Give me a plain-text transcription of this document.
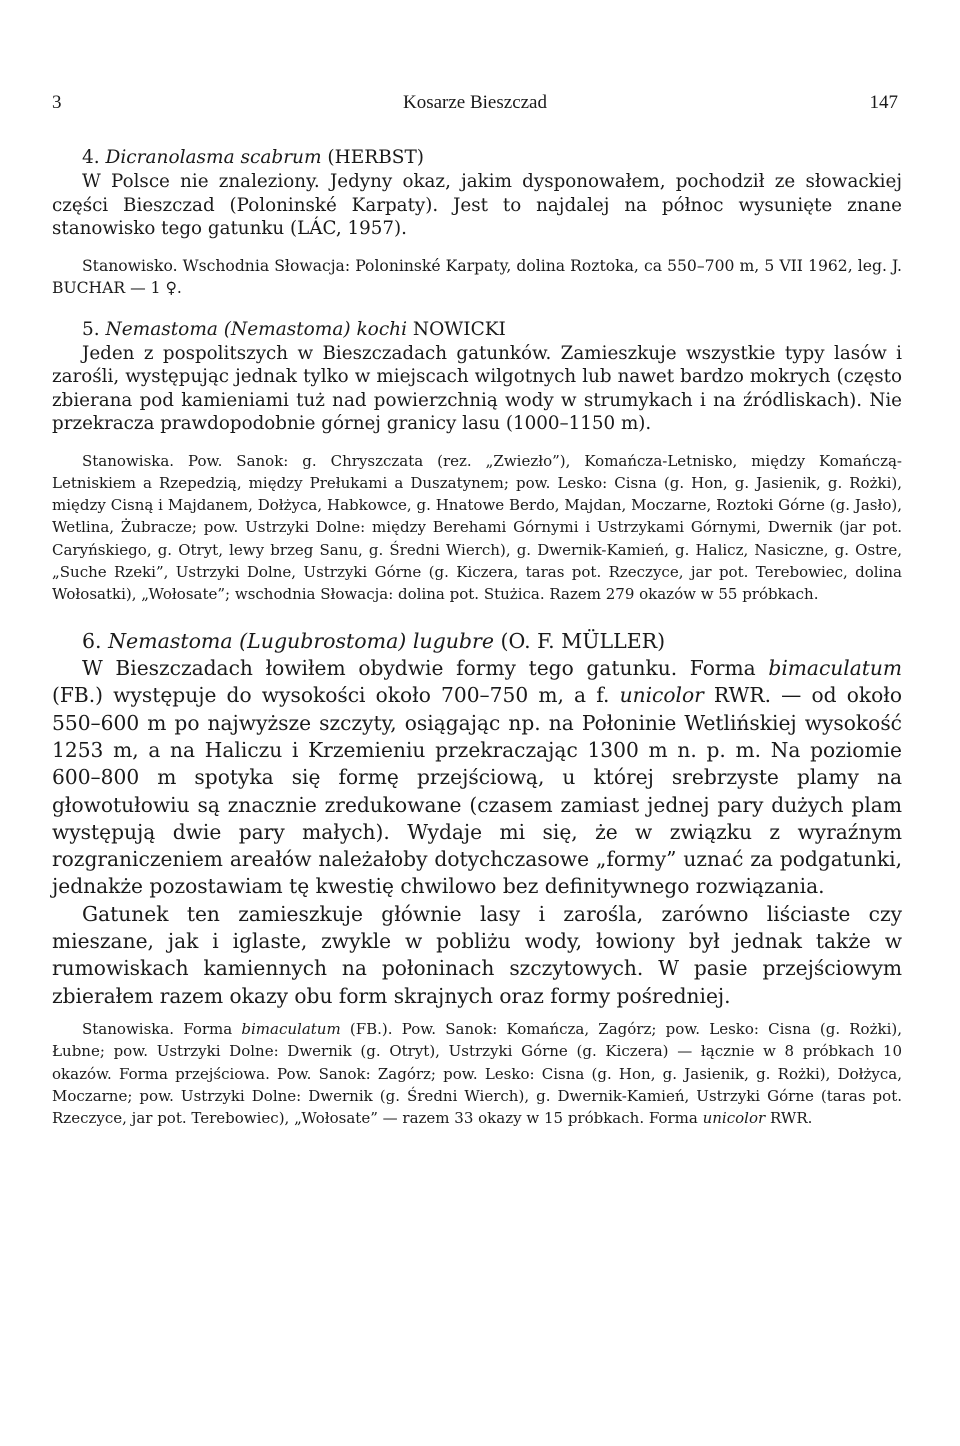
3	Kosarze Bieszczad	147
4. Dicranolasma scabrum (HERBST)

W Polsce nie znaleziony. Jedyny okaz, jakim dysponowałem, pochodził ze słowackiej części Bieszczad (Poloninské Karpaty). Jest to najdalej na północ wysunięte znane stanowisko tego gatunku (LÁC, 1957).

Stanowisko. Wschodnia Słowacja: Poloninské Karpaty, dolina Roztoka, ca 550–700 m, 5 VII 1962, leg. J. BUCHAR — 1 ♀.

5. Nemastoma (Nemastoma) kochi NOWICKI

Jeden z pospolitszych w Bieszczadach gatunków. Zamieszkuje wszystkie typy lasów i zarośli, występując jednak tylko w miejscach wilgotnych lub nawet bardzo mokrych (często zbierana pod kamieniami tuż nad powierzchnią wody w strumykach i na źródliskach). Nie przekracza prawdopodobnie górnej granicy lasu (1000–1150 m).

Stanowiska. Pow. Sanok: g. Chryszczata (rez. „Zwiezło”), Komańcza-Letnisko, między Komańczą-Letniskiem a Rzepedzią, między Prełukami a Duszatynem; pow. Lesko: Cisna (g. Hon, g. Jasienik, g. Rożki), między Cisną i Majdanem, Dołżyca, Habkowce, g. Hnatowe Berdo, Majdan, Moczarne, Roztoki Górne (g. Jasło), Wetlina, Żubracze; pow. Ustrzyki Dolne: między Berehami Górnymi i Ustrzykami Górnymi, Dwernik (jar pot. Caryńskiego, g. Otryt, lewy brzeg Sanu, g. Średni Wierch), g. Dwernik-Kamień, g. Halicz, Nasiczne, g. Ostre, „Suche Rzeki”, Ustrzyki Dolne, Ustrzyki Górne (g. Kiczera, taras pot. Rzeczyce, jar pot. Terebowiec, dolina Wołosatki), „Wołosate”; wschodnia Słowacja: dolina pot. Stużica. Razem 279 okazów w 55 próbkach.

6. Nemastoma (Lugubrostoma) lugubre (O. F. MÜLLER)

W Bieszczadach łowiłem obydwie formy tego gatunku. Forma bimaculatum (FB.) występuje do wysokości około 700–750 m, a f. unicolor RWR. — od około 550–600 m po najwyższe szczyty, osiągając np. na Połoninie Wetlińskiej wysokość 1253 m, a na Haliczu i Krzemieniu przekraczając 1300 m n. p. m. Na poziomie 600–800 m spotyka się formę przejściową, u której srebrzyste plamy na głowotułowiu są znacznie zredukowane (czasem zamiast jednej pary dużych plam występują dwie pary małych). Wydaje mi się, że w związku z wyraźnym rozgraniczeniem areałów należałoby dotychczasowe „formy” uznać za podgatunki, jednakże pozostawiam tę kwestię chwilowo bez definitywnego rozwiązania.

Gatunek ten zamieszkuje głównie lasy i zarośla, zarówno liściaste czy mieszane, jak i iglaste, zwykle w pobliżu wody, łowiony był jednak także w rumowiskach kamiennych na połoninach szczytowych. W pasie przejściowym zbierałem razem okazy obu form skrajnych oraz formy pośredniej.

Stanowiska. Forma bimaculatum (FB.). Pow. Sanok: Komańcza, Zagórz; pow. Lesko: Cisna (g. Rożki), Łubne; pow. Ustrzyki Dolne: Dwernik (g. Otryt), Ustrzyki Górne (g. Kiczera) — łącznie w 8 próbkach 10 okazów. Forma przejściowa. Pow. Sanok: Zagórz; pow. Lesko: Cisna (g. Hon, g. Jasienik, g. Rożki), Dołżyca, Moczarne; pow. Ustrzyki Dolne: Dwernik (g. Średni Wierch), g. Dwernik-Kamień, Ustrzyki Górne (taras pot. Rzeczyce, jar pot. Terebowiec), „Wołosate” — razem 33 okazy w 15 próbkach. Forma unicolor RWR.
